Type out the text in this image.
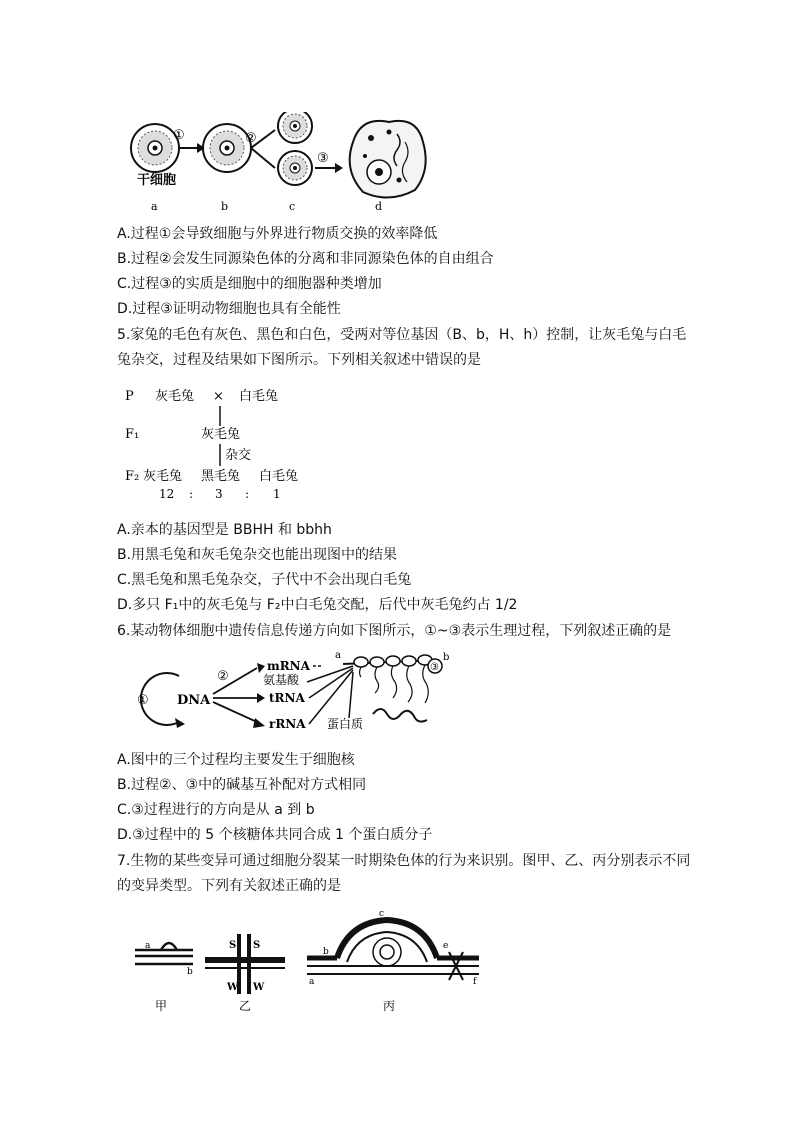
①	②
③
干细胞
a	b	c	d
A.过程①会导致细胞与外界进行物质交换的效率降低
B.过程②会发生同源染色体的分离和非同源染色体的自由组合
C.过程③的实质是细胞中的细胞器种类增加
D.过程③证明动物细胞也具有全能性
5.家兔的毛色有灰色、黑色和白色，受两对等位基因（B、b，H、h）控制，让灰毛兔与白毛
兔杂交，过程及结果如下图所示。下列相关叙述中错误的是
P 灰毛兔 × 白毛兔
F₁	灰毛兔
杂交
F₂ 灰毛兔 黑毛兔 白毛兔
12 : 3 : 1
A.亲本的基因型是 BBHH 和 bbhh
B.用黑毛兔和灰毛兔杂交也能出现图中的结果
C.黑毛兔和黑毛兔杂交，子代中不会出现白毛兔
D.多只 F₁中的灰毛兔与 F₂中白毛兔交配，后代中灰毛兔约占 1/2
6.某动物体细胞中遗传信息传递方向如下图所示，①~③表示生理过程，下列叙述正确的是
① DNA
②
mRNA
氨基酸
tRNA
rRNA 蛋白质
a	b
③
A.图中的三个过程均主要发生于细胞核
B.过程②、③中的碱基互补配对方式相同
C.③过程进行的方向是从 a 到 b
D.③过程中的 5 个核糖体共同合成 1 个蛋白质分子
7.生物的某些变异可通过细胞分裂某一时期染色体的行为来识别。图甲、乙、丙分别表示不同
的变异类型。下列有关叙述正确的是
a
b
甲
S S
W W
乙
c
b
a
e
f
丙
